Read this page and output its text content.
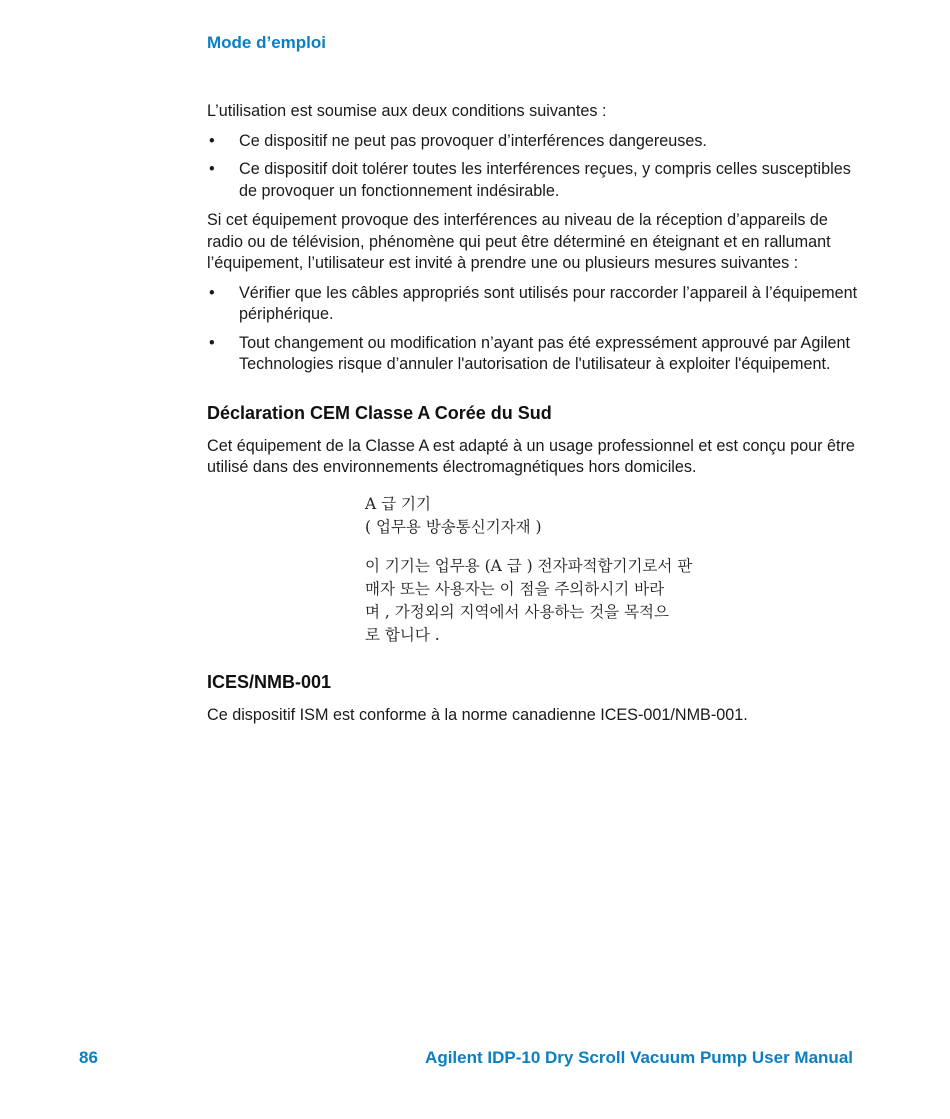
Mode d’emploi

L’utilisation est soumise aux deux conditions suivantes :

• Ce dispositif ne peut pas provoquer d’interférences dangereuses.
• Ce dispositif doit tolérer toutes les interférences reçues, y compris celles susceptibles de provoquer un fonctionnement indésirable.

Si cet équipement provoque des interférences au niveau de la réception d’appareils de radio ou de télévision, phénomène qui peut être déterminé en éteignant et en rallumant l’équipement, l’utilisateur est invité à prendre une ou plusieurs mesures suivantes :

• Vérifier que les câbles appropriés sont utilisés pour raccorder l’appareil à l’équipement périphérique.
• Tout changement ou modification n’ayant pas été expressément approuvé par Agilent Technologies risque d’annuler l'autorisation de l'utilisateur à exploiter l'équipement.
Déclaration CEM Classe A Corée du Sud

Cet équipement de la Classe A est adapté à un usage professionnel et est conçu pour être utilisé dans des environnements électromagnétiques hors domiciles.

A 급 기기
( 업무용 방송통신기자재 )
이 기기는 업무용 (A 급 ) 전자파적합기기로서 판
매자 또는 사용자는 이 점을 주의하시기 바라
며 , 가정외의 지역에서 사용하는 것을 목적으
로 합니다 .
ICES/NMB-001

Ce dispositif ISM est conforme à la norme canadienne ICES-001/NMB-001.

86	Agilent IDP-10 Dry Scroll Vacuum Pump User Manual
